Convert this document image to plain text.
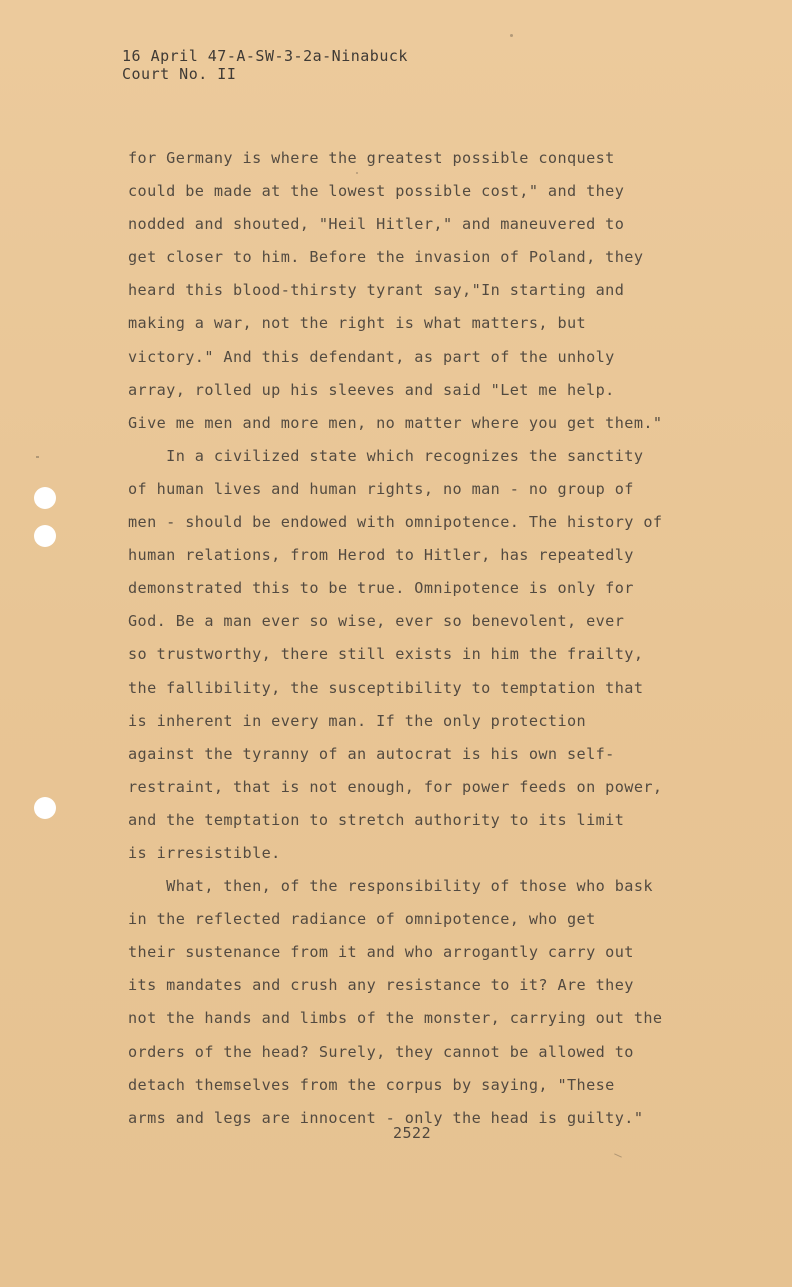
16 April 47-A-SW-3-2a-Ninabuck
Court No. II
for Germany is where the greatest possible conquest
could be made at the lowest possible cost," and they
nodded and shouted, "Heil Hitler," and maneuvered to
get closer to him. Before the invasion of Poland, they
heard this blood-thirsty tyrant say,"In starting and
making a war, not the right is what matters, but
victory." And this defendant, as part of the unholy
array, rolled up his sleeves and said "Let me help.
Give me men and more men, no matter where you get them."
In a civilized state which recognizes the sanctity
of human lives and human rights, no man - no group of
men - should be endowed with omnipotence. The history of
human relations, from Herod to Hitler, has repeatedly
demonstrated this to be true. Omnipotence is only for
God. Be a man ever so wise, ever so benevolent, ever
so trustworthy, there still exists in him the frailty,
the fallibility, the susceptibility to temptation that
is inherent in every man. If the only protection
against the tyranny of an autocrat is his own self-
restraint, that is not enough, for power feeds on power,
and the temptation to stretch authority to its limit
is irresistible.
What, then, of the responsibility of those who bask
in the reflected radiance of omnipotence, who get
their sustenance from it and who arrogantly carry out
its mandates and crush any resistance to it? Are they
not the hands and limbs of the monster, carrying out the
orders of the head? Surely, they cannot be allowed to
detach themselves from the corpus by saying, "These
arms and legs are innocent - only the head is guilty."
2522
